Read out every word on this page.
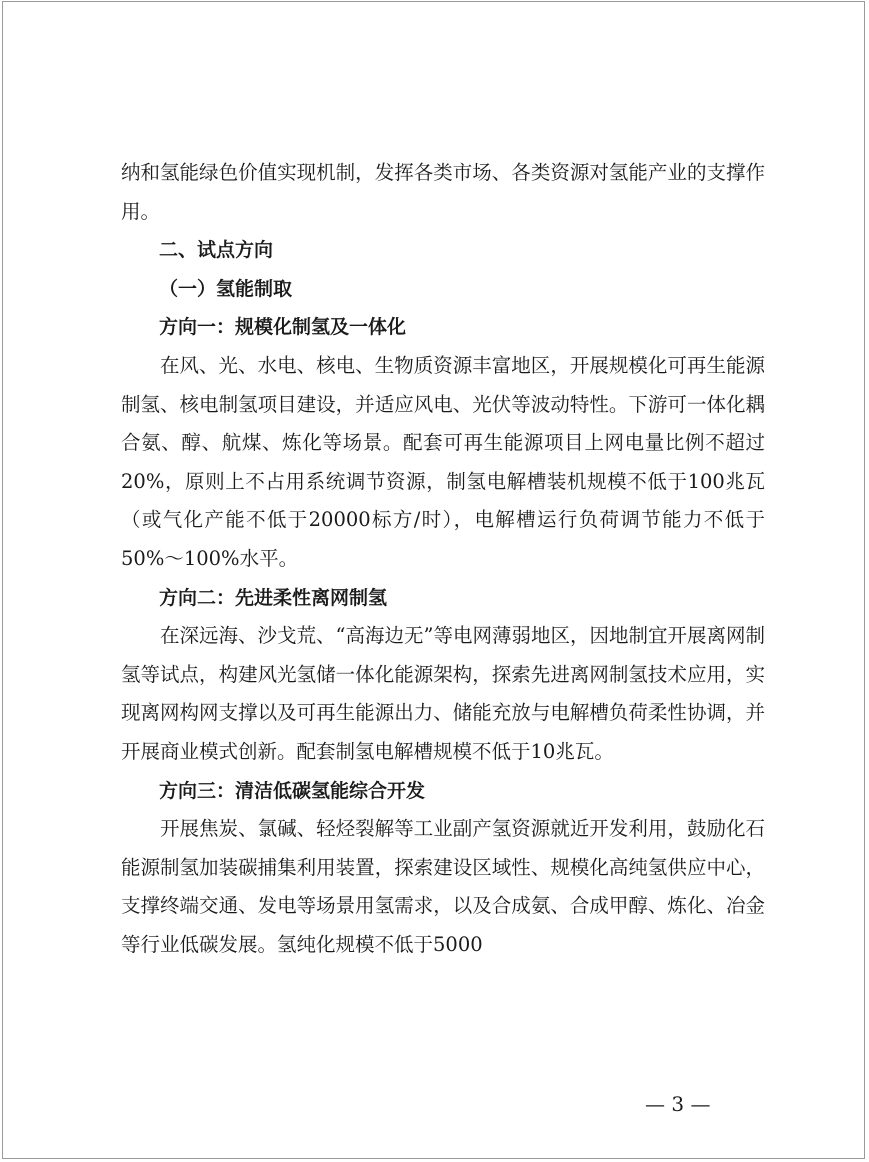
纳和氢能绿色价值实现机制，发挥各类市场、各类资源对氢能产业的支撑作用。

二、试点方向

（一）氢能制取

方向一：规模化制氢及一体化

在风、光、水电、核电、生物质资源丰富地区，开展规模化可再生能源制氢、核电制氢项目建设，并适应风电、光伏等波动特性。下游可一体化耦合氨、醇、航煤、炼化等场景。配套可再生能源项目上网电量比例不超过20%，原则上不占用系统调节资源，制氢电解槽装机规模不低于100兆瓦（或气化产能不低于20000标方/时），电解槽运行负荷调节能力不低于50%～100%水平。

方向二：先进柔性离网制氢

在深远海、沙戈荒、“高海边无”等电网薄弱地区，因地制宜开展离网制氢等试点，构建风光氢储一体化能源架构，探索先进离网制氢技术应用，实现离网构网支撑以及可再生能源出力、储能充放与电解槽负荷柔性协调，并开展商业模式创新。配套制氢电解槽规模不低于10兆瓦。

方向三：清洁低碳氢能综合开发

开展焦炭、氯碱、轻烃裂解等工业副产氢资源就近开发利用，鼓励化石能源制氢加装碳捕集利用装置，探索建设区域性、规模化高纯氢供应中心，支撑终端交通、发电等场景用氢需求，以及合成氨、合成甲醇、炼化、冶金等行业低碳发展。氢纯化规模不低于5000

— 3 —
